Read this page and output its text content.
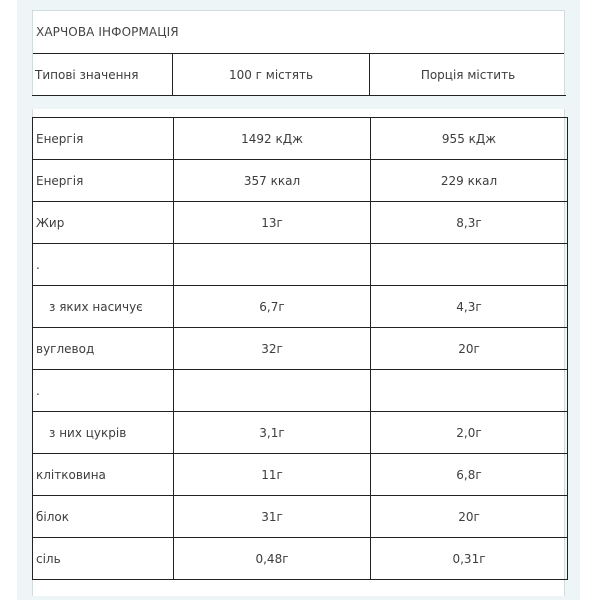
ХАРЧОВА ІНФОРМАЦІЯ
Типові значення	100 г містять	Порція містить
Енергія	1492 кДж	955 кДж
Енергія	357 ккал	229 ккал
Жир	13г	8,3г
.		
з яких насичує	6,7г	4,3г
вуглевод	32г	20г
.		
з них цукрів	3,1г	2,0г
клітковина	11г	6,8г
білок	31г	20г
сіль	0,48г	0,31г
